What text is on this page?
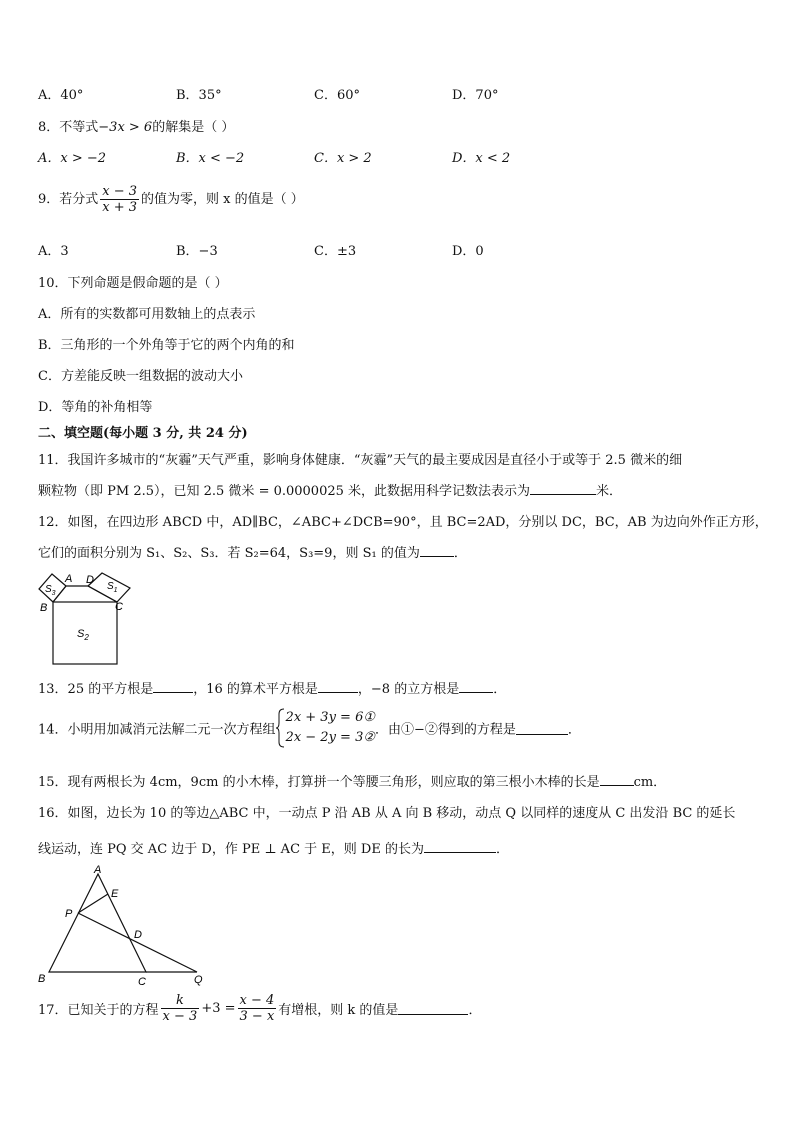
A．40°	B．35°	C．60°	D．70°
8．不等式−3x > 6的解集是（ ）
A．x > −2	B．x < −2	C．x > 2	D．x < 2
9．若分式 $\frac{x - 3}{x + 3}$ 的值为零，则 x 的值是（ ）
A．3	B．−3	C．±3	D．0
10．下列命题是假命题的是（ ）
A．所有的实数都可用数轴上的点表示
B．三角形的一个外角等于它的两个内角的和
C．方差能反映一组数据的波动大小
D．等角的补角相等
二、填空题(每小题 3 分, 共 24 分)
11．我国许多城市的“灰霾”天气严重，影响身体健康．“灰霾”天气的最主要成因是直径小于或等于 2.5 微米的细
颗粒物（即 PM 2.5），已知 2.5 微米 = 0.0000025 米，此数据用科学记数法表示为	米．
12．如图，在四边形 ABCD 中，AD∥BC，∠ABC+∠DCB=90°，且 BC=2AD，分别以 DC，BC，AB 为边向外作正方形，
它们的面积分别为 S₁、S₂、S₃．若 S₂=64，S₃=9，则 S₁ 的值为	．
A D
B	C
$S_3$
$S_1$
$S_2$
13．25 的平方根是	，16 的算术平方根是	，−8 的立方根是	．
14．小明用加减消元法解二元一次方程组
2x + 3y = 6①
2x − 2y = 3② ．由①−②得到的方程是	．
15．现有两根长为 4cm，9cm 的小木棒，打算拼一个等腰三角形，则应取的第三根小木棒的长是	cm．
16．如图，边长为 10 的等边△ABC 中，一动点 P 沿 AB 从 A 向 B 移动，动点 Q 以同样的速度从 C 出发沿 BC 的延长
线运动，连 PQ 交 AC 边于 D，作 PE ⊥ AC 于 E，则 DE 的长为	．
A
E
P
D
B	C	Q
17．已知关于的方程 $\frac{k}{x - 3} +3 = \frac{x - 4}{3 - x}$ 有增根，则 k 的值是	．
